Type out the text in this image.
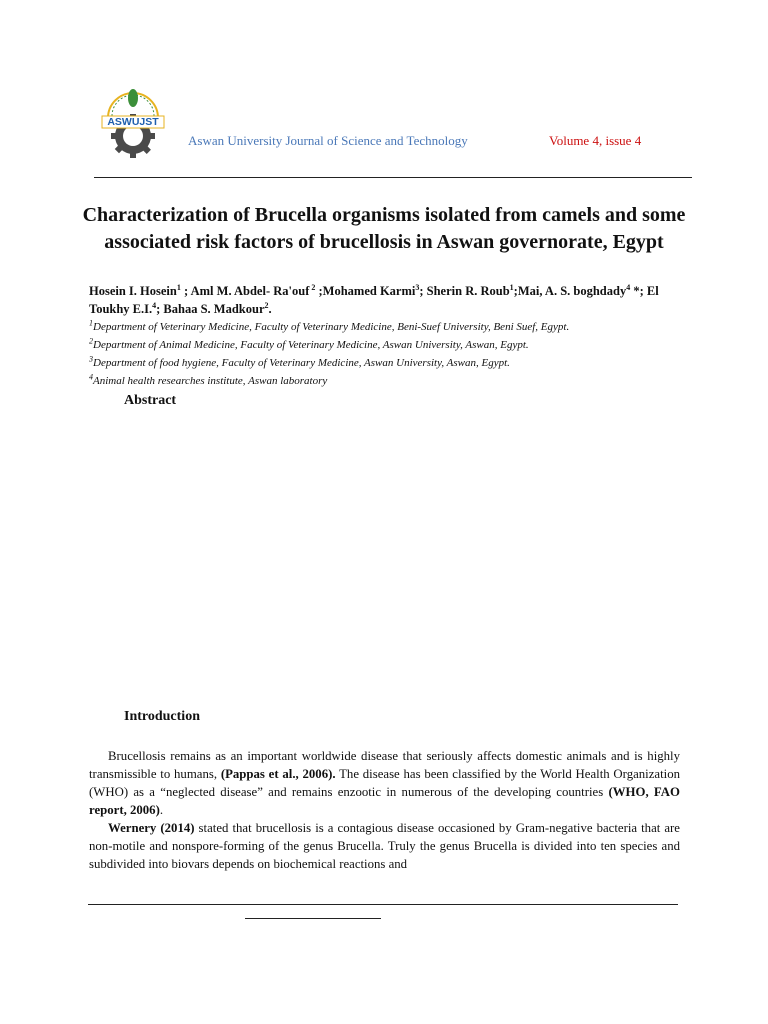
ASWUJST
Aswan University Journal of Science and Technology	Volume 4, issue 4
Characterization of Brucella organisms isolated from camels and some associated risk factors of brucellosis in Aswan governorate, Egypt
Hosein I. Hosein$^1$ ; Aml M. Abdel- Ra'ouf $^2$ ;Mohamed Karmi$^3$; Sherin R. Roub$^1$;Mai, A. S. boghdady$^4$ *; El Toukhy E.I.$^4$; Bahaa S. Madkour$^2$.
$^1$Department of Veterinary Medicine, Faculty of Veterinary Medicine, Beni-Suef University, Beni Suef, Egypt.
$^2$Department of Animal Medicine, Faculty of Veterinary Medicine, Aswan University, Aswan, Egypt.
$^3$Department of food hygiene, Faculty of Veterinary Medicine, Aswan University, Aswan, Egypt.
$^4$Animal health researches institute, Aswan laboratory
Abstract
Introduction

Brucellosis remains as an important worldwide disease that seriously affects domestic animals and is highly transmissible to humans, (Pappas et al., 2006). The disease has been classified by the World Health Organization (WHO) as a “neglected disease” and remains enzootic in numerous of the developing countries (WHO, FAO report, 2006).

Wernery (2014) stated that brucellosis is a contagious disease occasioned by Gram-negative bacteria that are non-motile and nonspore-forming of the genus Brucella. Truly the genus Brucella is divided into ten species and subdivided into biovars depends on biochemical reactions and
